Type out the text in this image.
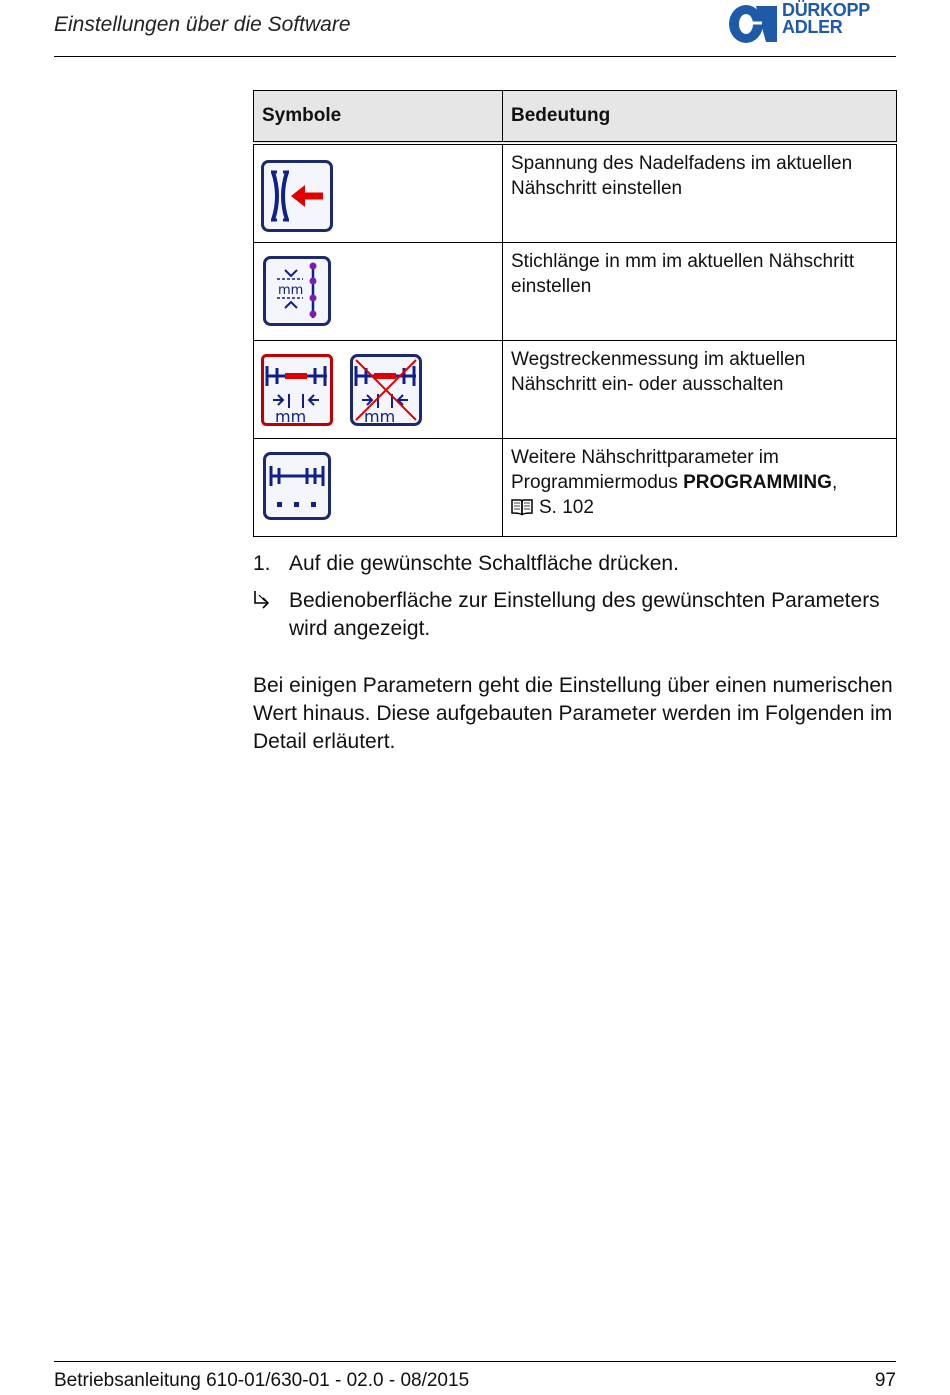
Einstellungen über die Software
DÜRKOPP
ADLER
Symbole	Bedeutung
	Spannung des Nadelfadens im aktuellen Nähschritt einstellen
	Stichlänge in mm im aktuellen Nähschritt einstellen
	Wegstreckenmessung im aktuellen Nähschritt ein- oder ausschalten
	Weitere Nähschrittparameter im Programmiermodus PROGRAMMING,
S. 102
mm
mm	mm
1. Auf die gewünschte Schaltfläche drücken.
Bedienoberfläche zur Einstellung des gewünschten Parameters wird angezeigt.
Bei einigen Parametern geht die Einstellung über einen numerischen Wert hinaus. Diese aufgebauten Parameter werden im Folgenden im Detail erläutert.
Betriebsanleitung 610-01/630-01 - 02.0 - 08/2015	97
